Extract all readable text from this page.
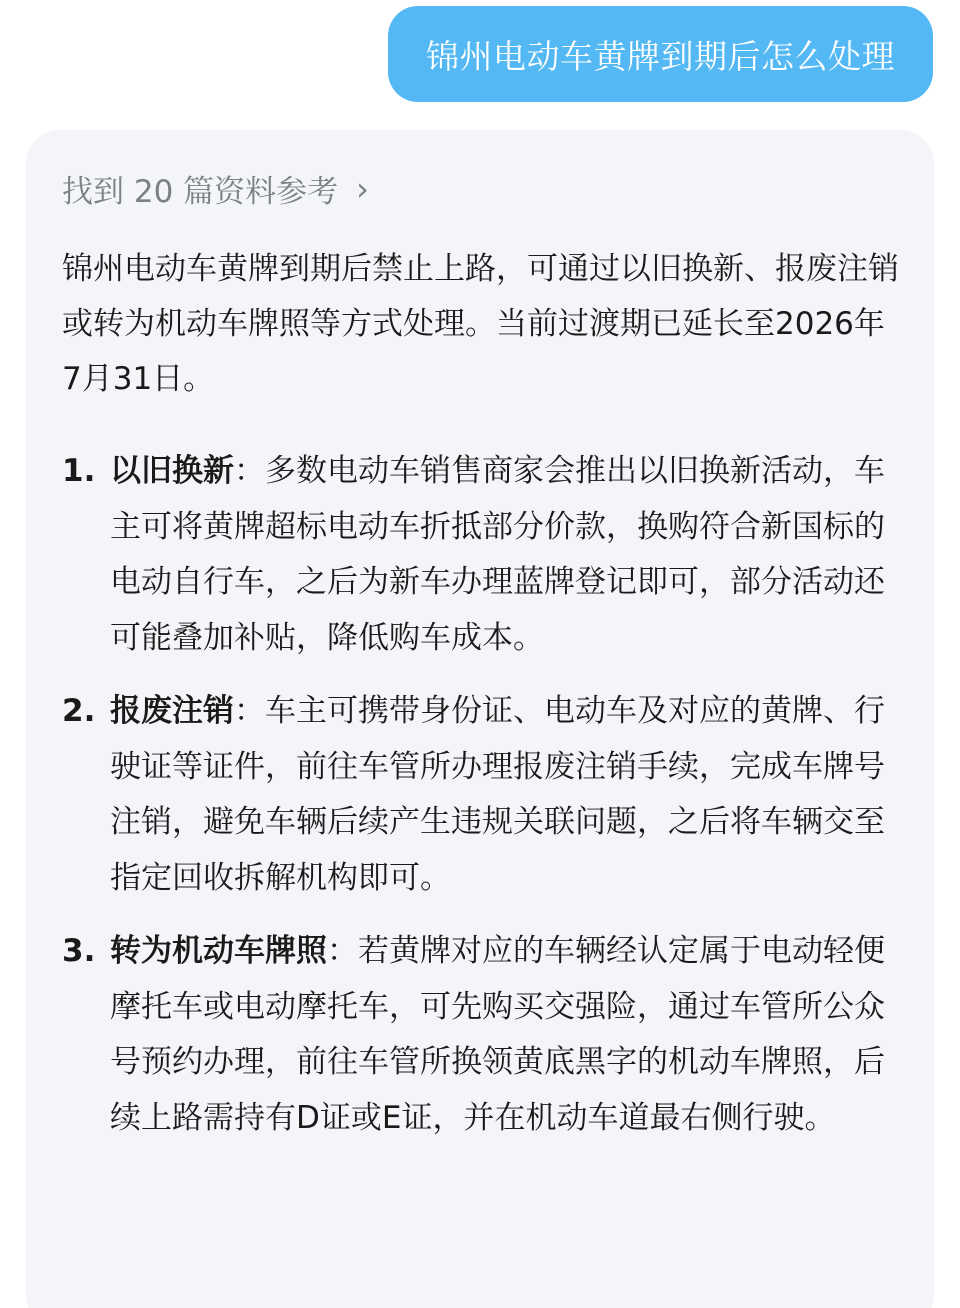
锦州电动车黄牌到期后怎么处理
找到 20 篇资料参考 ›
锦州电动车黄牌到期后禁止上路，可通过以旧换新、报废注销或转为机动车牌照等方式处理。当前过渡期已延长至2026年7月31日。
1. 以旧换新：多数电动车销售商家会推出以旧换新活动，车主可将黄牌超标电动车折抵部分价款，换购符合新国标的电动自行车，之后为新车办理蓝牌登记即可，部分活动还可能叠加补贴，降低购车成本。
2. 报废注销：车主可携带身份证、电动车及对应的黄牌、行驶证等证件，前往车管所办理报废注销手续，完成车牌号注销，避免车辆后续产生违规关联问题，之后将车辆交至指定回收拆解机构即可。
3. 转为机动车牌照：若黄牌对应的车辆经认定属于电动轻便摩托车或电动摩托车，可先购买交强险，通过车管所公众号预约办理，前往车管所换领黄底黑字的机动车牌照，后续上路需持有D证或E证，并在机动车道最右侧行驶。
